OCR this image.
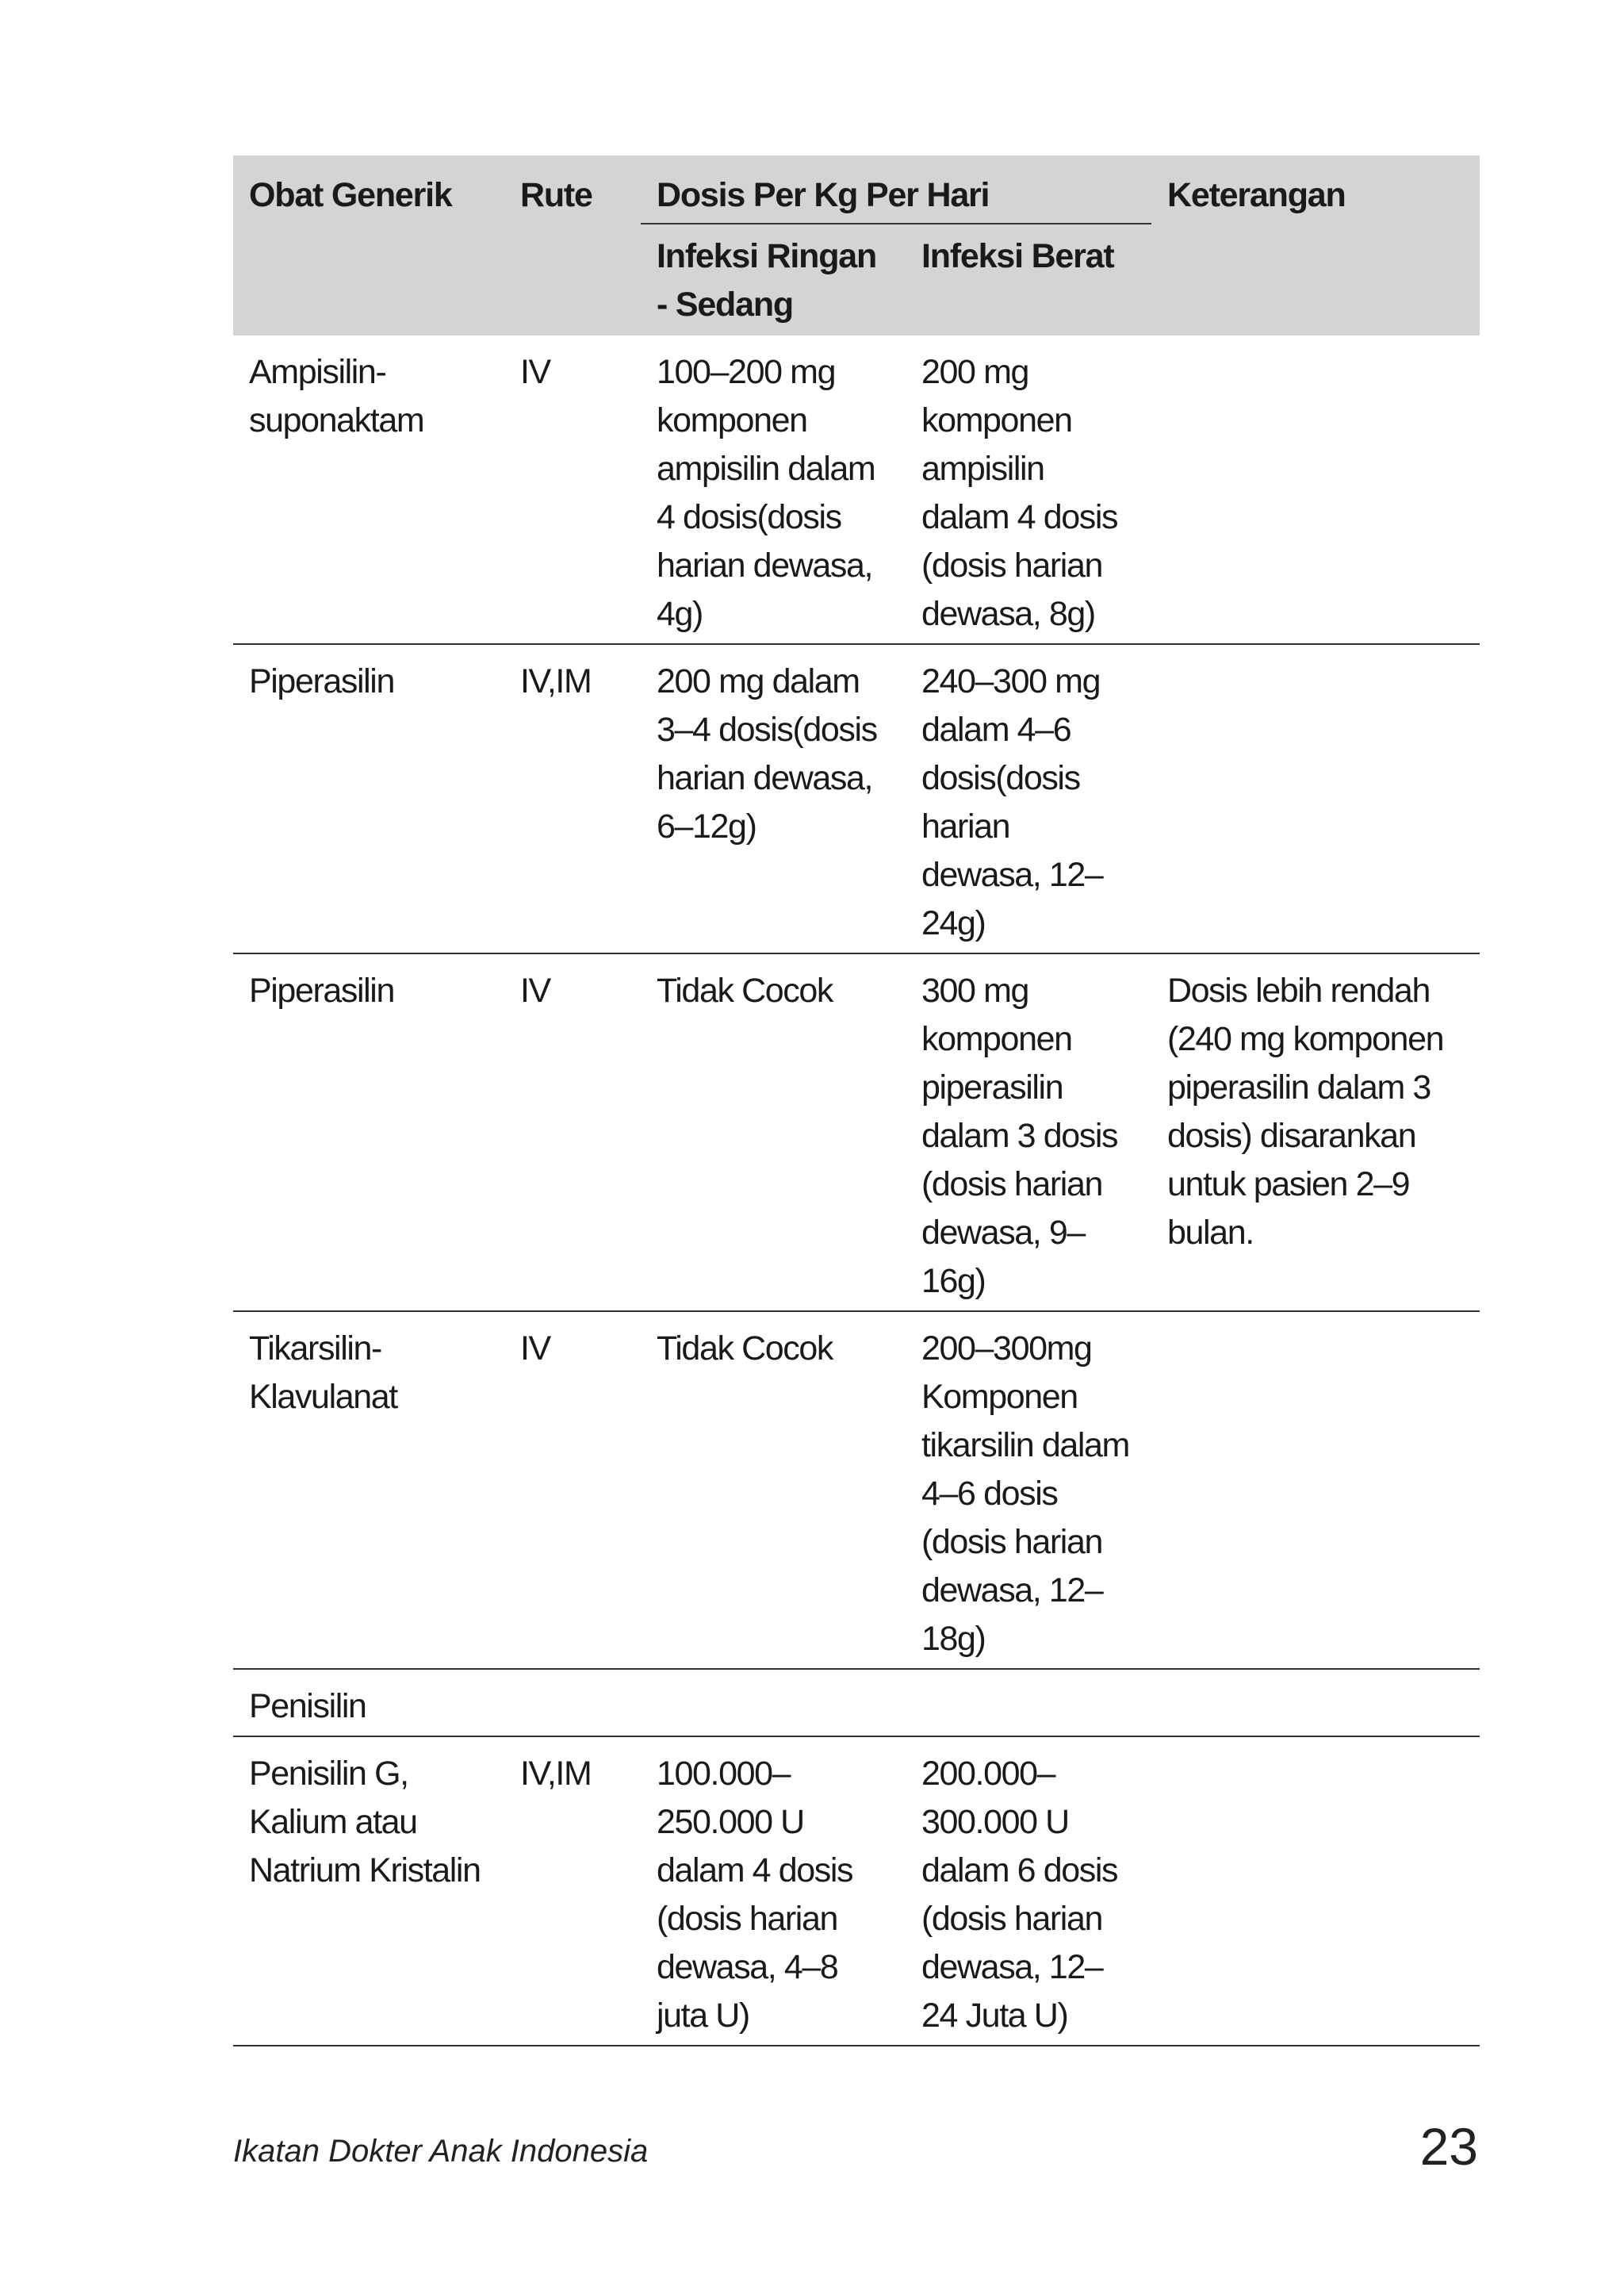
Obat Generik	Rute	Dosis Per Kg Per Hari		Keterangan
		Infeksi Ringan - Sedang	Infeksi Berat	
Ampisilin-suponaktam	IV	100–200 mg komponen ampisilin dalam 4 dosis(dosis harian dewasa, 4g)	200 mg komponen ampisilin dalam 4 dosis (dosis harian dewasa, 8g)	
Piperasilin	IV,IM	200 mg dalam 3–4 dosis(dosis harian dewasa, 6–12g)	240–300 mg dalam 4–6 dosis(dosis harian dewasa, 12–24g)	
Piperasilin	IV	Tidak Cocok	300 mg komponen piperasilin dalam 3 dosis (dosis harian dewasa, 9–16g)	Dosis lebih rendah (240 mg komponen piperasilin dalam 3 dosis) disarankan untuk pasien 2–9 bulan.
Tikarsilin-Klavulanat	IV	Tidak Cocok	200–300mg Komponen tikarsilin dalam 4–6 dosis (dosis harian dewasa, 12–18g)	
Penisilin				
Penisilin G, Kalium atau Natrium Kristalin	IV,IM	100.000–250.000 U dalam 4 dosis (dosis harian dewasa, 4–8 juta U)	200.000–300.000 U dalam 6 dosis (dosis harian dewasa, 12–24 Juta U)	
Ikatan Dokter Anak Indonesia	23
